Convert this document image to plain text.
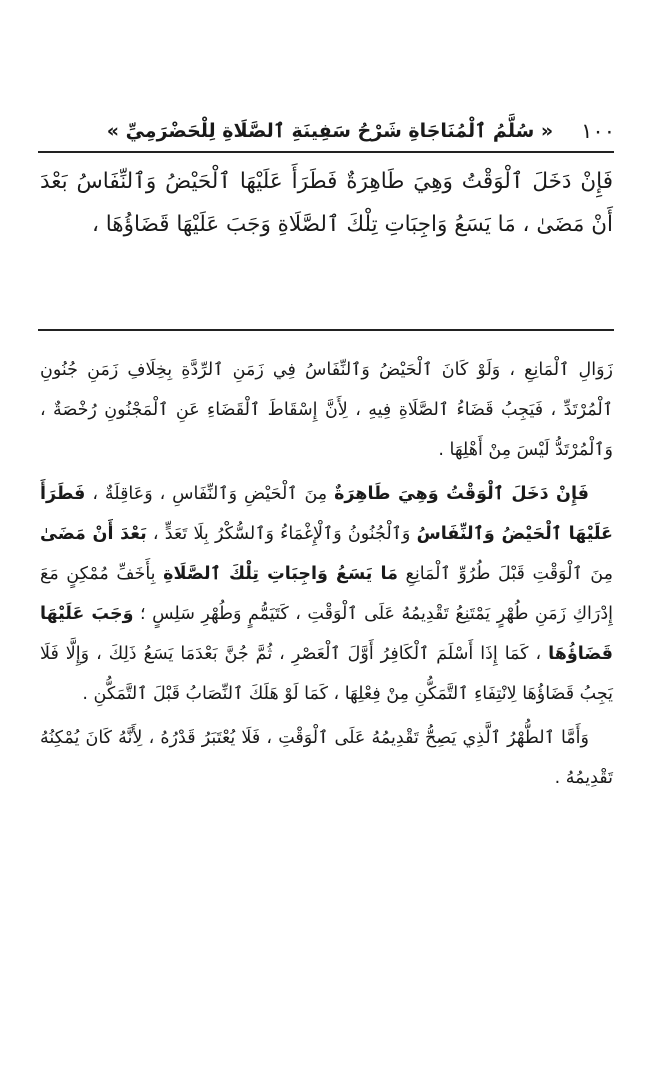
١٠٠
« سُلَّمُ ٱلْمُنَاجَاةِ شَرْحُ سَفِينَةِ ٱلصَّلَاةِ لِلْحَضْرَمِيِّ »

فَإِنْ دَخَلَ ٱلْوَقْتُ وَهِيَ طَاهِرَةٌ فَطَرَأَ عَلَيْهَا ٱلْحَيْضُ وَٱلنِّفَاسُ بَعْدَ أَنْ مَضَىٰ ، مَا يَسَعُ وَاجِبَاتِ تِلْكَ ٱلصَّلَاةِ وَجَبَ عَلَيْهَا قَضَاؤُهَا ،

زَوَالِ ٱلْمَانِعِ ، وَلَوْ كَانَ ٱلْحَيْضُ وَٱلنِّفَاسُ فِي زَمَنِ ٱلرِّدَّةِ بِخِلَافِ زَمَنِ جُنُونِ ٱلْمُرْتَدِّ ، فَيَجِبُ قَضَاءُ ٱلصَّلَاةِ فِيهِ ، لِأَنَّ إِسْقَاطَ ٱلْقَضَاءِ عَنِ ٱلْمَجْنُونِ رُخْصَةٌ ، وَٱلْمُرْتَدُّ لَيْسَ مِنْ أَهْلِهَا .

فَإِنْ دَخَلَ ٱلْوَقْتُ وَهِيَ طَاهِرَةٌ مِنَ ٱلْحَيْضِ وَٱلنِّفَاسِ ، وَعَاقِلَةٌ ، فَطَرَأَ عَلَيْهَا ٱلْحَيْضُ وَٱلنِّفَاسُ وَٱلْجُنُونُ وَٱلْإِغْمَاءُ وَٱلسُّكْرُ بِلَا تَعَدٍّ ، بَعْدَ أَنْ مَضَىٰ مِنَ ٱلْوَقْتِ قَبْلَ طُرُوِّ ٱلْمَانِعِ مَا يَسَعُ وَاجِبَاتِ تِلْكَ ٱلصَّلَاةِ بِأَخَفِّ مُمْكِنٍ مَعَ إِدْرَاكِ زَمَنِ طُهْرٍ يَمْتَنِعُ تَقْدِيمُهُ عَلَى ٱلْوَقْتِ ، كَتَيَمُّمٍ وَطُهْرِ سَلِسٍ ؛ وَجَبَ عَلَيْهَا قَضَاؤُهَا ، كَمَا إِذَا أَسْلَمَ ٱلْكَافِرُ أَوَّلَ ٱلْعَصْرِ ، ثُمَّ جُنَّ بَعْدَمَا يَسَعُ ذَلِكَ ، وَإِلَّا فَلَا يَجِبُ قَضَاؤُهَا لِانْتِفَاءِ ٱلتَّمَكُّنِ مِنْ فِعْلِهَا ، كَمَا لَوْ هَلَكَ ٱلنِّصَابُ قَبْلَ ٱلتَّمَكُّنِ .

وَأَمَّا ٱلطُّهْرُ ٱلَّذِي يَصِحُّ تَقْدِيمُهُ عَلَى ٱلْوَقْتِ ، فَلَا يُعْتَبَرُ قَدْرُهُ ، لِأَنَّهُ كَانَ يُمْكِنُهُ تَقْدِيمُهُ .
